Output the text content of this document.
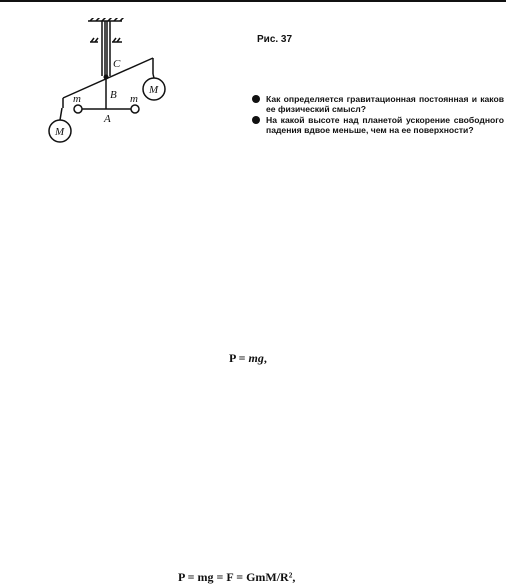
C
B
A
m	m
M
M
Рис. 37
Как определяется гравитационная постоянная и каков ее физический смысл?
На какой высоте над планетой ускорение свободного падения вдвое меньше, чем на ее поверхности?
P = mg,
P = mg = F = GmM/R²,
